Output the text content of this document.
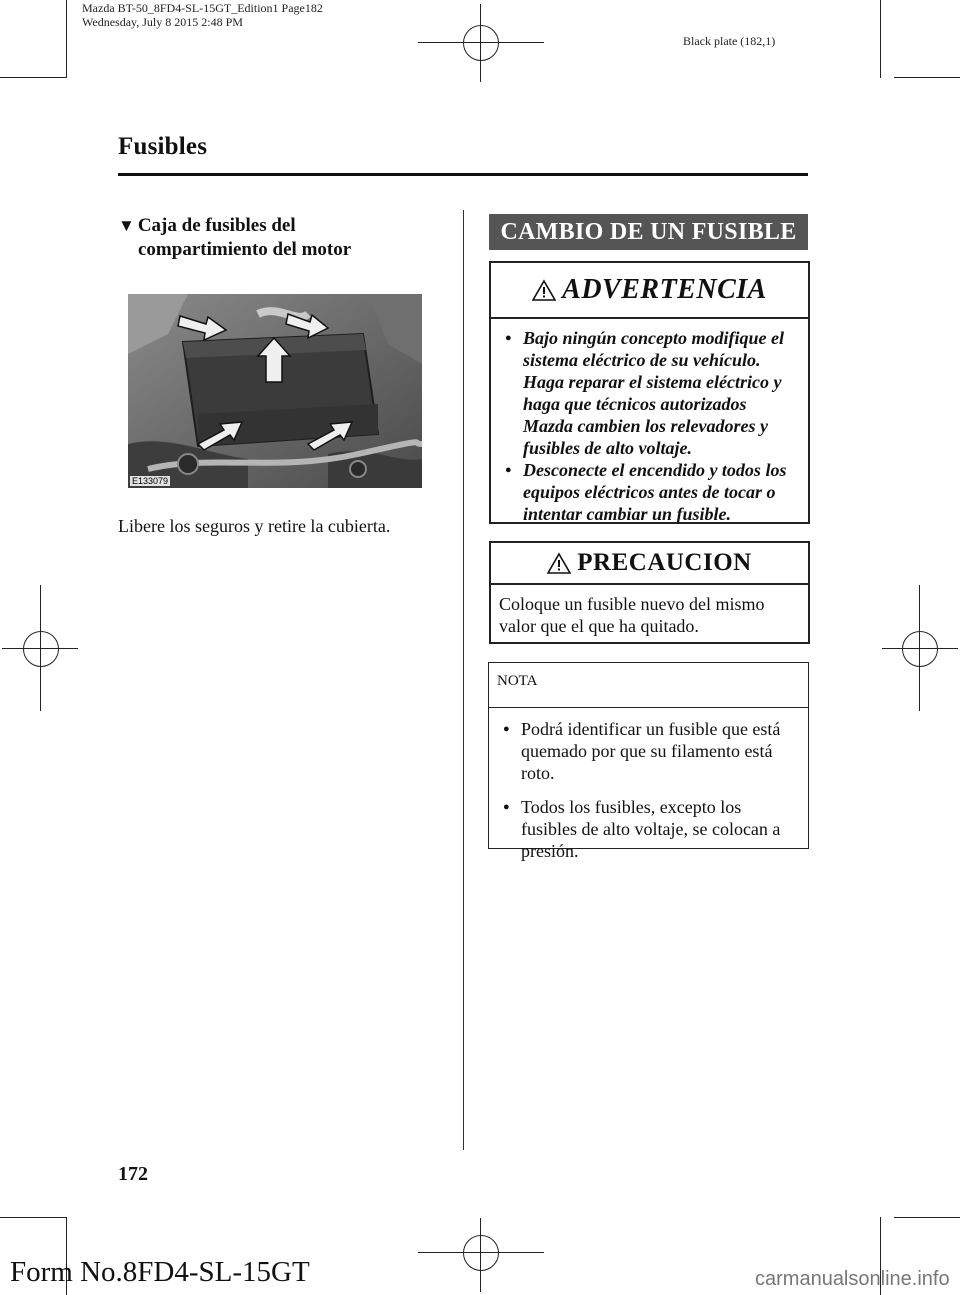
Mazda BT-50_8FD4-SL-15GT_Edition1 Page182
Wednesday, July 8 2015 2:48 PM
Black plate (182,1)
Fusibles
▼ Caja de fusibles del
compartimiento del motor
E133079
Libere los seguros y retire la cubierta.
CAMBIO DE UN FUSIBLE
ADVERTENCIA
● Bajo ningún concepto modifique el sistema eléctrico de su vehículo. Haga reparar el sistema eléctrico y haga que técnicos autorizados Mazda cambien los relevadores y fusibles de alto voltaje.
● Desconecte el encendido y todos los equipos eléctricos antes de tocar o intentar cambiar un fusible.
PRECAUCION
Coloque un fusible nuevo del mismo valor que el que ha quitado.
NOTA
● Podrá identificar un fusible que está quemado por que su filamento está roto.
● Todos los fusibles, excepto los fusibles de alto voltaje, se colocan a presión.
172
Form No.8FD4-SL-15GT	carmanualsonline.info
